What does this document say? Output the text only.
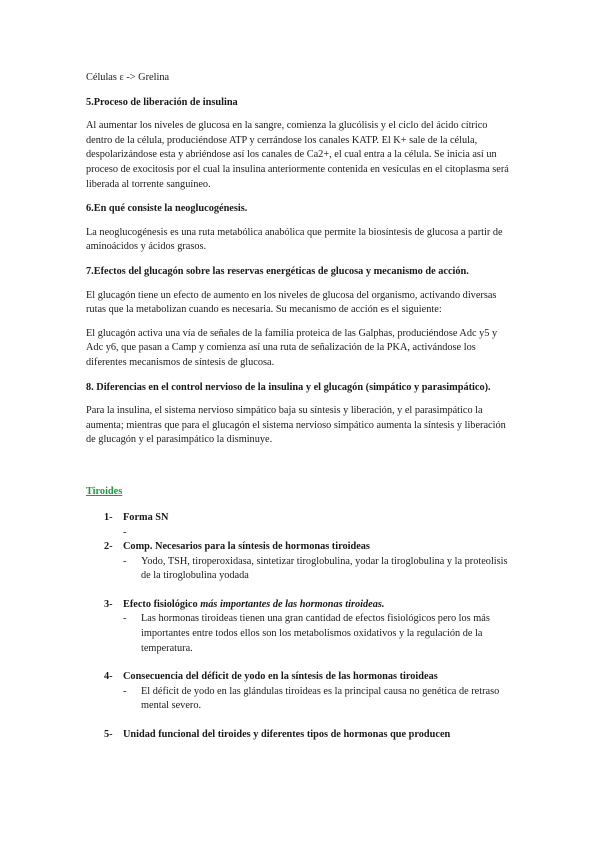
Células ε -> Grelina

5.Proceso de liberación de insulina

Al aumentar los niveles de glucosa en la sangre, comienza la glucólisis y el ciclo del ácido cítrico dentro de la célula, produciéndose ATP y cerrándose los canales KATP. El K+ sale de la célula, despolarizándose esta y abriéndose así los canales de Ca2+, el cual entra a la célula. Se inicia así un proceso de exocitosis por el cual la insulina anteriormente contenida en vesículas en el citoplasma será liberada al torrente sanguíneo.

6.En qué consiste la neoglucogénesis.

La neoglucogénesis es una ruta metabólica anabólica que permite la biosíntesis de glucosa a partir de aminoácidos y ácidos grasos.

7.Efectos del glucagón sobre las reservas energéticas de glucosa y mecanismo de acción.

El glucagón tiene un efecto de aumento en los niveles de glucosa del organismo, activando diversas rutas que la metabolizan cuando es necesaria. Su mecanismo de acción es el siguiente:

El glucagón activa una vía de señales de la familia proteica de las Galphas, produciéndose Adc y5 y Adc y6, que pasan a Camp y comienza así una ruta de señalización de la PKA, activándose los diferentes mecanismos de síntesis de glucosa.

8. Diferencias en el control nervioso de la insulina y el glucagón (simpático y parasimpático).

Para la insulina, el sistema nervioso simpático baja su síntesis y liberación, y el parasimpático la aumenta; mientras que para el glucagón el sistema nervioso simpático aumenta la síntesis y liberación de glucagón y el parasimpático la disminuye.

Tiroides

1- Forma SN
-
2- Comp. Necesarios para la síntesis de hormonas tiroideas
- Yodo, TSH, tiroperoxidasa, sintetizar tiroglobulina, yodar la tiroglobulina y la proteolisis de la tiroglobulina yodada
3- Efecto fisiológico más importantes de las hormonas tiroideas.
- Las hormonas tiroideas tienen una gran cantidad de efectos fisiológicos pero los más importantes entre todos ellos son los metabolismos oxidativos y la regulación de la temperatura.
4- Consecuencia del déficit de yodo en la síntesis de las hormonas tiroideas
- El déficit de yodo en las glándulas tiroideas es la principal causa no genética de retraso mental severo.
5- Unidad funcional del tiroides y diferentes tipos de hormonas que producen
